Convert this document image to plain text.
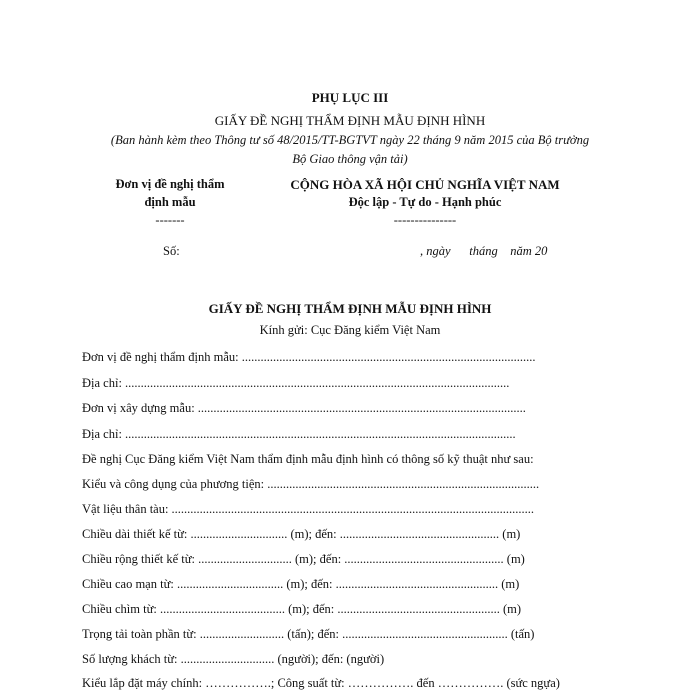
PHỤ LỤC III
GIẤY ĐỀ NGHỊ THẨM ĐỊNH MẪU ĐỊNH HÌNH
(Ban hành kèm theo Thông tư số 48/2015/TT-BGTVT ngày 22 tháng 9 năm 2015 của Bộ trưởng
Bộ Giao thông vận tải)
Đơn vị đề nghị thẩm
định mẫu
-------
Số:
CỘNG HÒA XÃ HỘI CHỦ NGHĨA VIỆT NAM
Độc lập - Tự do - Hạnh phúc
---------------
, ngày      tháng    năm 20
GIẤY ĐỀ NGHỊ THẨM ĐỊNH MẪU ĐỊNH HÌNH
Kính gửi: Cục Đăng kiểm Việt Nam
Đơn vị đề nghị thẩm định mẫu: ..............................................................................................
Địa chỉ: ...........................................................................................................................
Đơn vị xây dựng mẫu: .........................................................................................................
Địa chỉ: .............................................................................................................................
Đề nghị Cục Đăng kiểm Việt Nam thẩm định mẫu định hình có thông số kỹ thuật như sau:
Kiểu và công dụng của phương tiện: .......................................................................................
Vật liệu thân tàu: ....................................................................................................................
Chiều dài thiết kế từ: ............................... (m); đến: ................................................... (m)
Chiều rộng thiết kế từ: .............................. (m); đến: ................................................... (m)
Chiều cao mạn từ: .................................. (m); đến: .................................................... (m)
Chiều chìm từ: ........................................ (m); đến: .................................................... (m)
Trọng tải toàn phần từ: ........................... (tấn); đến: ..................................................... (tấn)
Số lượng khách từ: .............................. (người); đến: (người)
Kiểu lắp đặt máy chính: …………….; Công suất từ: ……………. đến ……………. (sức ngựa)
